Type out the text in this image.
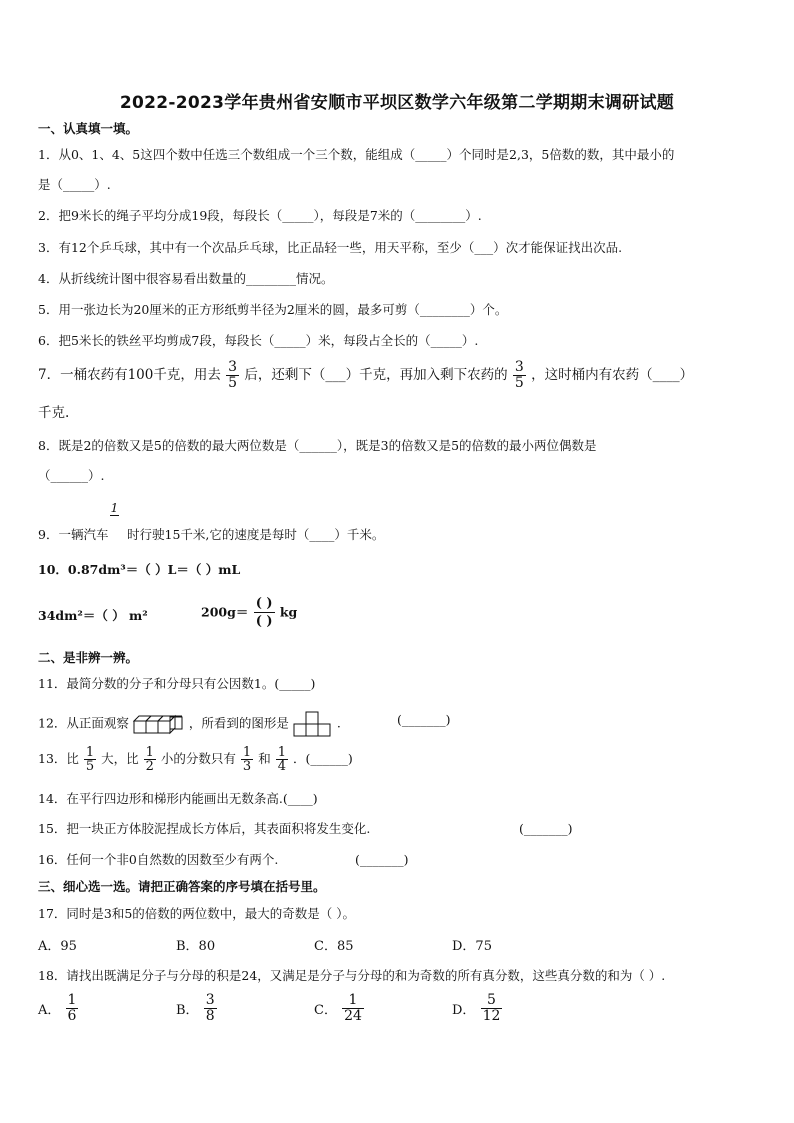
2022-2023学年贵州省安顺市平坝区数学六年级第二学期期末调研试题
一、认真填一填。
1．从0、1、4、5这四个数中任选三个数组成一个三个数，能组成（_____）个同时是2,3，5倍数的数，其中最小的
是（_____）.
2．把9米长的绳子平均分成19段，每段长（_____），每段是7米的（________）.
3．有12个乒乓球，其中有一个次品乒乓球，比正品轻一些，用天平称，至少（___）次才能保证找出次品.
4．从折线统计图中很容易看出数量的________情况。
5．用一张边长为20厘米的正方形纸剪半径为2厘米的圆，最多可剪（________）个。
6．把5米长的铁丝平均剪成7段，每段长（_____）米，每段占全长的（_____）.
7．一桶农药有100千克，用去 $\frac{3}{5}$ 后，还剩下（___）千克，再加入剩下农药的 $\frac{3}{5}$ ，这时桶内有农药（____）
千克.
8．既是2的倍数又是5的倍数的最大两位数是（______），既是3的倍数又是5的倍数的最小两位偶数是
（______）.
9．一辆汽车
1
时行驶15千米,它的速度是每时（____）千米。
10．0.87dm³＝（ ）L＝（ ）mL
34dm²＝（ ） m²	$200g= \frac{( )}{( )}$ kg
二、是非辨一辨。
11．最简分数的分子和分母只有公因数1。(_____)
12．从正面观察	，所看到的图形是	.	(_______)
13．比 $\frac{1}{5}$ 大，比 $\frac{1}{2}$ 小的分数只有 $\frac{1}{3}$ 和 $\frac{1}{4}$ ．(______)
14．在平行四边形和梯形内能画出无数条高.(____)
15．把一块正方体胶泥捏成长方体后，其表面积将发生变化.	(_______)
16．任何一个非0自然数的因数至少有两个.	(_______)
三、细心选一选。请把正确答案的序号填在括号里。
17．同时是3和5的倍数的两位数中，最大的奇数是（ ）。
A．95	B．80	C．85	D．75
18．请找出既满足分子与分母的积是24，又满足是分子与分母的和为奇数的所有真分数，这些真分数的和为（ ）.
A． $\frac{1}{6}$	B． $\frac{3}{8}$	C． $\frac{1}{24}$	D． $\frac{5}{12}$
